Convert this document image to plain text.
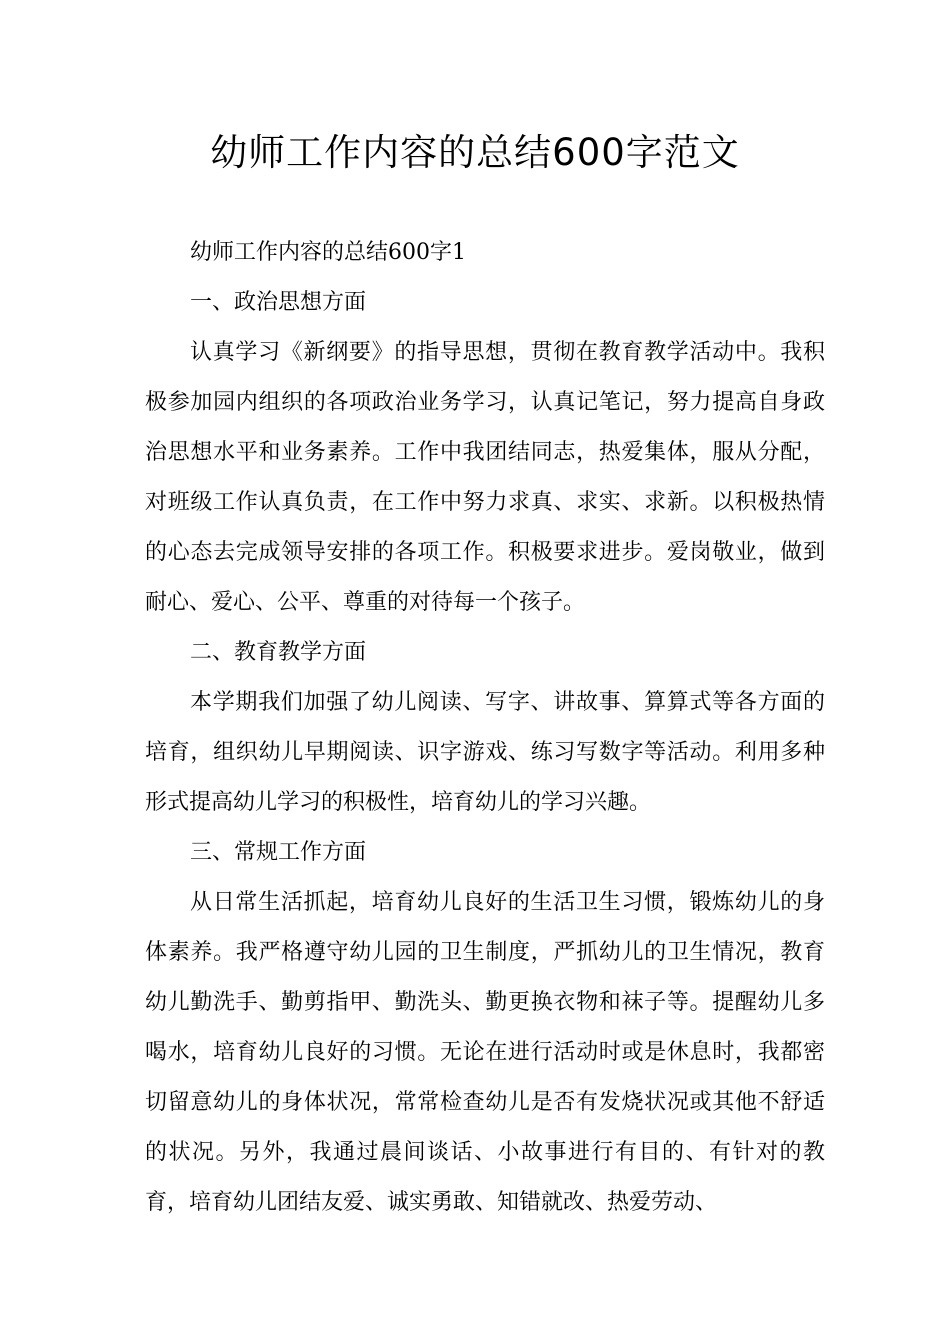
幼师工作内容的总结600字范文

幼师工作内容的总结600字1

一、政治思想方面

认真学习《新纲要》的指导思想，贯彻在教育教学活动中。我积极参加园内组织的各项政治业务学习，认真记笔记，努力提高自身政治思想水平和业务素养。工作中我团结同志，热爱集体，服从分配，对班级工作认真负责，在工作中努力求真、求实、求新。以积极热情的心态去完成领导安排的各项工作。积极要求进步。爱岗敬业，做到耐心、爱心、公平、尊重的对待每一个孩子。

二、教育教学方面

本学期我们加强了幼儿阅读、写字、讲故事、算算式等各方面的培育，组织幼儿早期阅读、识字游戏、练习写数字等活动。利用多种形式提高幼儿学习的积极性，培育幼儿的学习兴趣。

三、常规工作方面

从日常生活抓起，培育幼儿良好的生活卫生习惯，锻炼幼儿的身体素养。我严格遵守幼儿园的卫生制度，严抓幼儿的卫生情况，教育幼儿勤洗手、勤剪指甲、勤洗头、勤更换衣物和袜子等。提醒幼儿多喝水，培育幼儿良好的习惯。无论在进行活动时或是休息时，我都密切留意幼儿的身体状况，常常检查幼儿是否有发烧状况或其他不舒适的状况。另外，我通过晨间谈话、小故事进行有目的、有针对的教育，培育幼儿团结友爱、诚实勇敢、知错就改、热爱劳动、
